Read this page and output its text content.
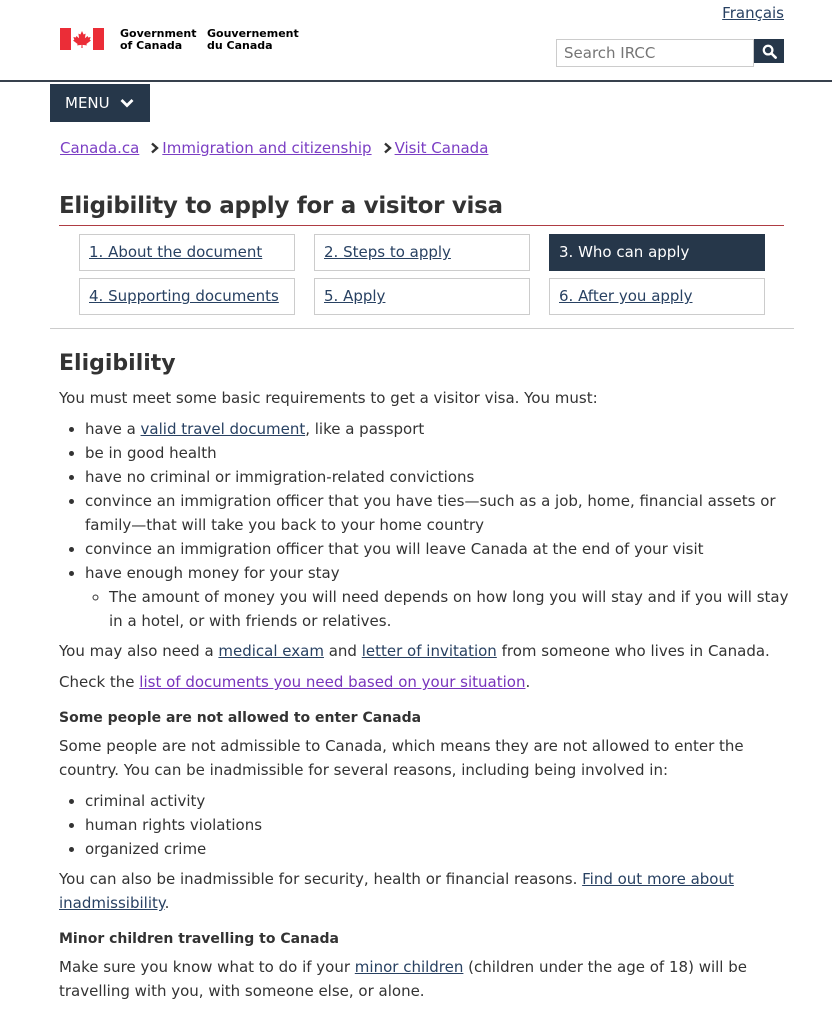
Français
Government
of Canada
Gouvernement
du Canada
Search IRCC
MENU
Canada.ca Immigration and citizenship Visit Canada
Eligibility to apply for a visitor visa
1. About the document	2. Steps to apply	3. Who can apply
4. Supporting documents	5. Apply	6. After you apply
Eligibility

You must meet some basic requirements to get a visitor visa. You must:

• have a valid travel document, like a passport
• be in good health
• have no criminal or immigration-related convictions
• convince an immigration officer that you have ties—such as a job, home, financial assets or family—that will take you back to your home country
• convince an immigration officer that you will leave Canada at the end of your visit
• have enough money for your stay
◦ The amount of money you will need depends on how long you will stay and if you will stay in a hotel, or with friends or relatives.

You may also need a medical exam and letter of invitation from someone who lives in Canada.

Check the list of documents you need based on your situation.

Some people are not allowed to enter Canada

Some people are not admissible to Canada, which means they are not allowed to enter the country. You can be inadmissible for several reasons, including being involved in:

• criminal activity
• human rights violations
• organized crime

You can also be inadmissible for security, health or financial reasons. Find out more about inadmissibility.

Minor children travelling to Canada

Make sure you know what to do if your minor children (children under the age of 18) will be travelling with you, with someone else, or alone.
